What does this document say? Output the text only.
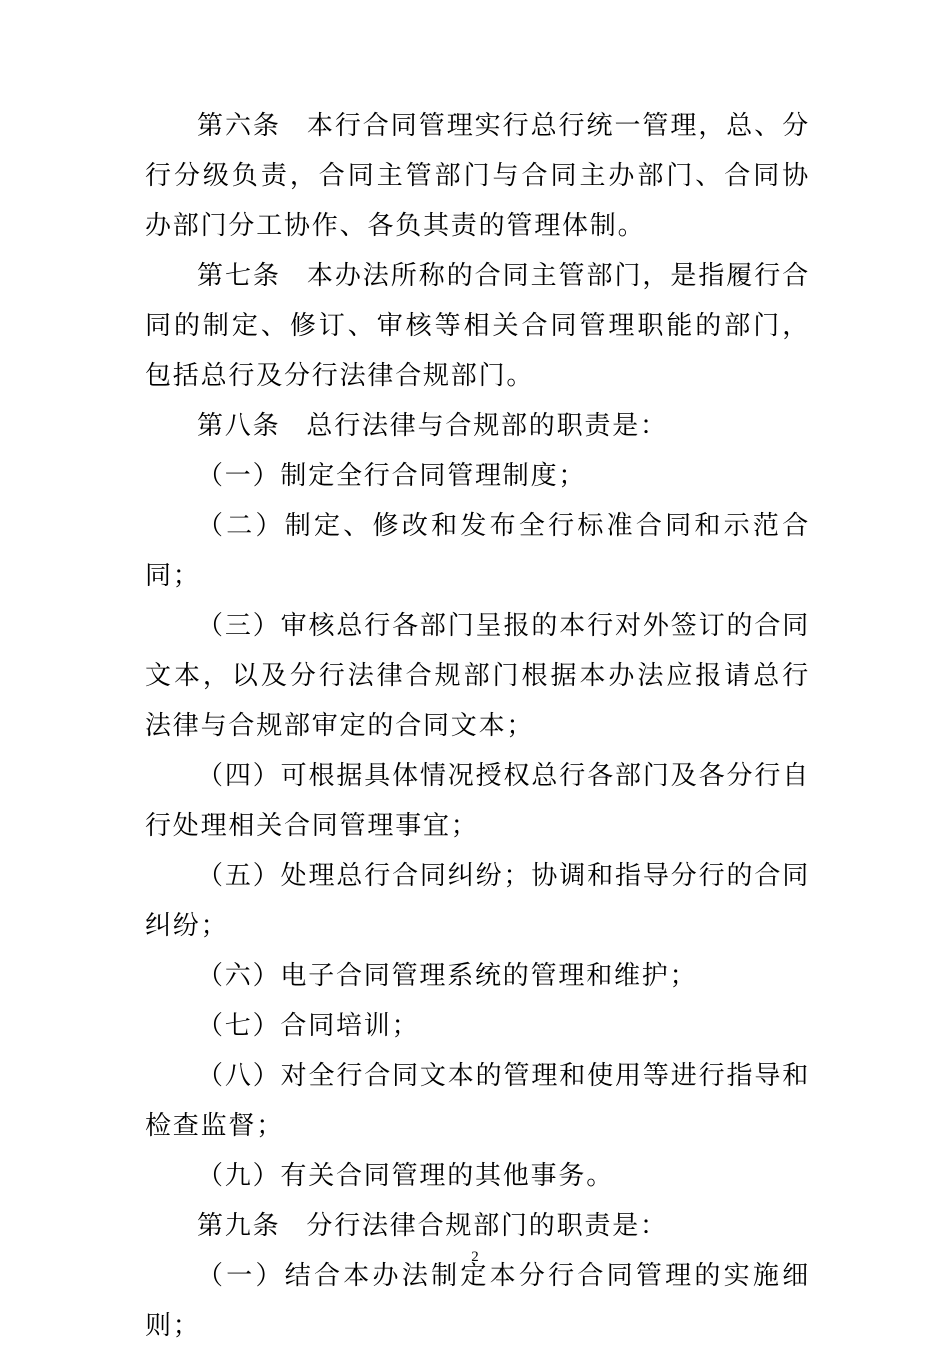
第六条 本行合同管理实行总行统一管理，总、分行分级负责，合同主管部门与合同主办部门、合同协办部门分工协作、各负其责的管理体制。

第七条 本办法所称的合同主管部门，是指履行合同的制定、修订、审核等相关合同管理职能的部门，包括总行及分行法律合规部门。

第八条 总行法律与合规部的职责是：

（一）制定全行合同管理制度；

（二）制定、修改和发布全行标准合同和示范合同；

（三）审核总行各部门呈报的本行对外签订的合同文本，以及分行法律合规部门根据本办法应报请总行法律与合规部审定的合同文本；

（四）可根据具体情况授权总行各部门及各分行自行处理相关合同管理事宜；

（五）处理总行合同纠纷；协调和指导分行的合同纠纷；

（六）电子合同管理系统的管理和维护；

（七）合同培训；

（八）对全行合同文本的管理和使用等进行指导和检查监督；

（九）有关合同管理的其他事务。

第九条 分行法律合规部门的职责是：

（一）结合本办法制定本分行合同管理的实施细则；

2
